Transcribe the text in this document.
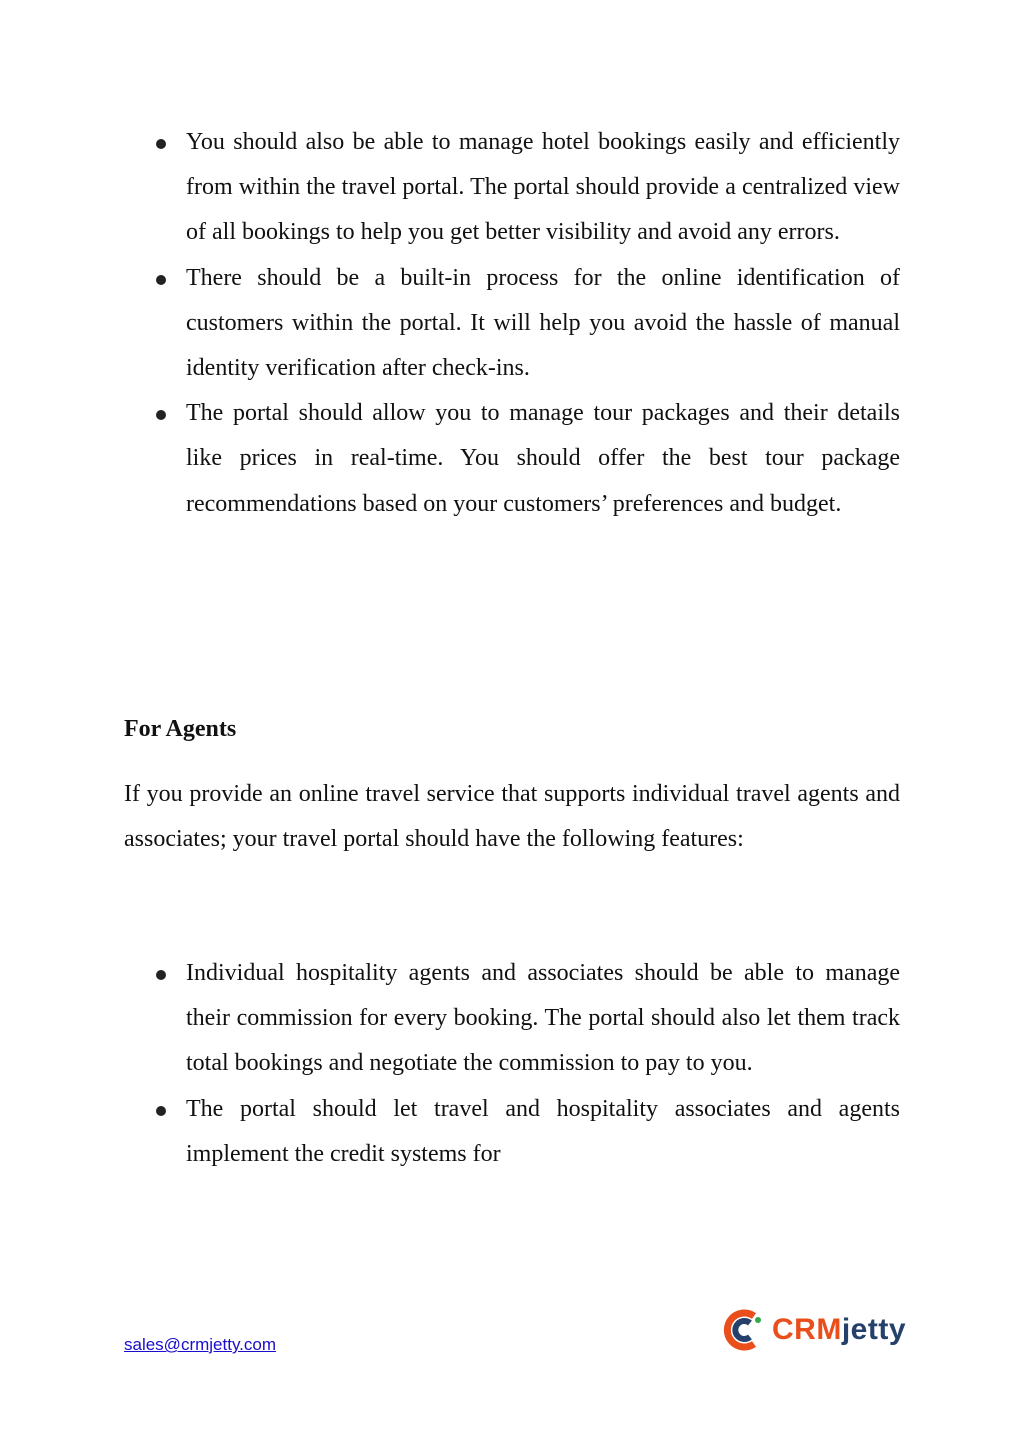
You should also be able to manage hotel bookings easily and efficiently from within the travel portal. The portal should provide a centralized view of all bookings to help you get better visibility and avoid any errors.
There should be a built-in process for the online identification of customers within the portal. It will help you avoid the hassle of manual identity verification after check-ins.
The portal should allow you to manage tour packages and their details like prices in real-time. You should offer the best tour package recommendations based on your customers’ preferences and budget.
For Agents

If you provide an online travel service that supports individual travel agents and associates; your travel portal should have the following features:

Individual hospitality agents and associates should be able to manage their commission for every booking. The portal should also let them track total bookings and negotiate the commission to pay to you.
The portal should let travel and hospitality associates and agents implement the credit systems for
sales@crmjetty.com	CRMjetty
